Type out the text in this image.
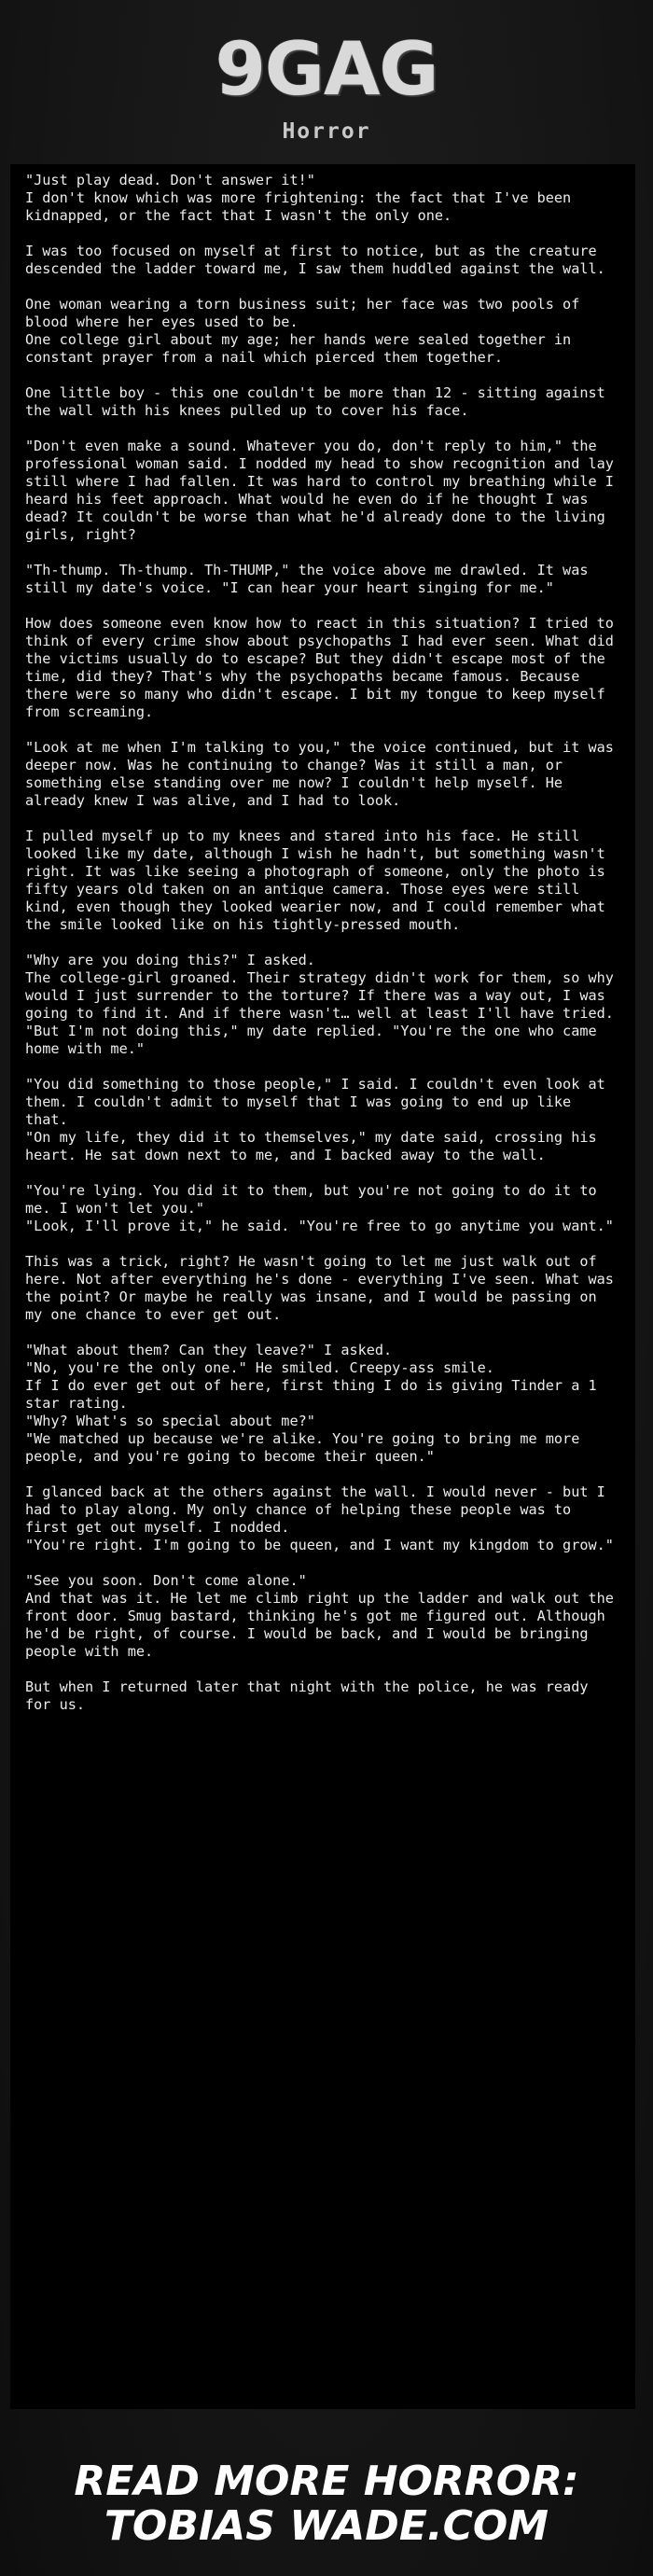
9GAG
Horror
"Just play dead. Don't answer it!"
I don't know which was more frightening: the fact that I've been kidnapped, or the fact that I wasn't the only one.
I was too focused on myself at first to notice, but as the creature descended the ladder toward me, I saw them huddled against the wall.
One woman wearing a torn business suit; her face was two pools of blood where her eyes used to be.
One college girl about my age; her hands were sealed together in constant prayer from a nail which pierced them together.
One little boy - this one couldn't be more than 12 - sitting against the wall with his knees pulled up to cover his face.
"Don't even make a sound. Whatever you do, don't reply to him," the professional woman said. I nodded my head to show recognition and lay still where I had fallen. It was hard to control my breathing while I heard his feet approach. What would he even do if he thought I was dead? It couldn't be worse than what he'd already done to the living girls, right?
"Th-thump. Th-thump. Th-THUMP," the voice above me drawled. It was still my date's voice. "I can hear your heart singing for me."
How does someone even know how to react in this situation? I tried to think of every crime show about psychopaths I had ever seen. What did the victims usually do to escape? But they didn't escape most of the time, did they? That's why the psychopaths became famous. Because there were so many who didn't escape. I bit my tongue to keep myself from screaming.
"Look at me when I'm talking to you," the voice continued, but it was deeper now. Was he continuing to change? Was it still a man, or something else standing over me now? I couldn't help myself. He already knew I was alive, and I had to look.
I pulled myself up to my knees and stared into his face. He still looked like my date, although I wish he hadn't, but something wasn't right. It was like seeing a photograph of someone, only the photo is fifty years old taken on an antique camera. Those eyes were still kind, even though they looked wearier now, and I could remember what the smile looked like on his tightly-pressed mouth.
"Why are you doing this?" I asked.
The college-girl groaned. Their strategy didn't work for them, so why would I just surrender to the torture? If there was a way out, I was going to find it. And if there wasn't… well at least I'll have tried.
"But I'm not doing this," my date replied. "You're the one who came home with me."
"You did something to those people," I said. I couldn't even look at them. I couldn't admit to myself that I was going to end up like that.
"On my life, they did it to themselves," my date said, crossing his heart. He sat down next to me, and I backed away to the wall.
"You're lying. You did it to them, but you're not going to do it to me. I won't let you."
"Look, I'll prove it," he said. "You're free to go anytime you want."
This was a trick, right? He wasn't going to let me just walk out of here. Not after everything he's done - everything I've seen. What was the point? Or maybe he really was insane, and I would be passing on my one chance to ever get out.
"What about them? Can they leave?" I asked.
"No, you're the only one." He smiled. Creepy-ass smile.
If I do ever get out of here, first thing I do is giving Tinder a 1 star rating.
"Why? What's so special about me?"
"We matched up because we're alike. You're going to bring me more people, and you're going to become their queen."
I glanced back at the others against the wall. I would never - but I had to play along. My only chance of helping these people was to first get out myself. I nodded.
"You're right. I'm going to be queen, and I want my kingdom to grow."
"See you soon. Don't come alone."
And that was it. He let me climb right up the ladder and walk out the front door. Smug bastard, thinking he's got me figured out. Although he'd be right, of course. I would be back, and I would be bringing people with me.
But when I returned later that night with the police, he was ready for us.
READ MORE HORROR:
TOBIAS WADE.COM
